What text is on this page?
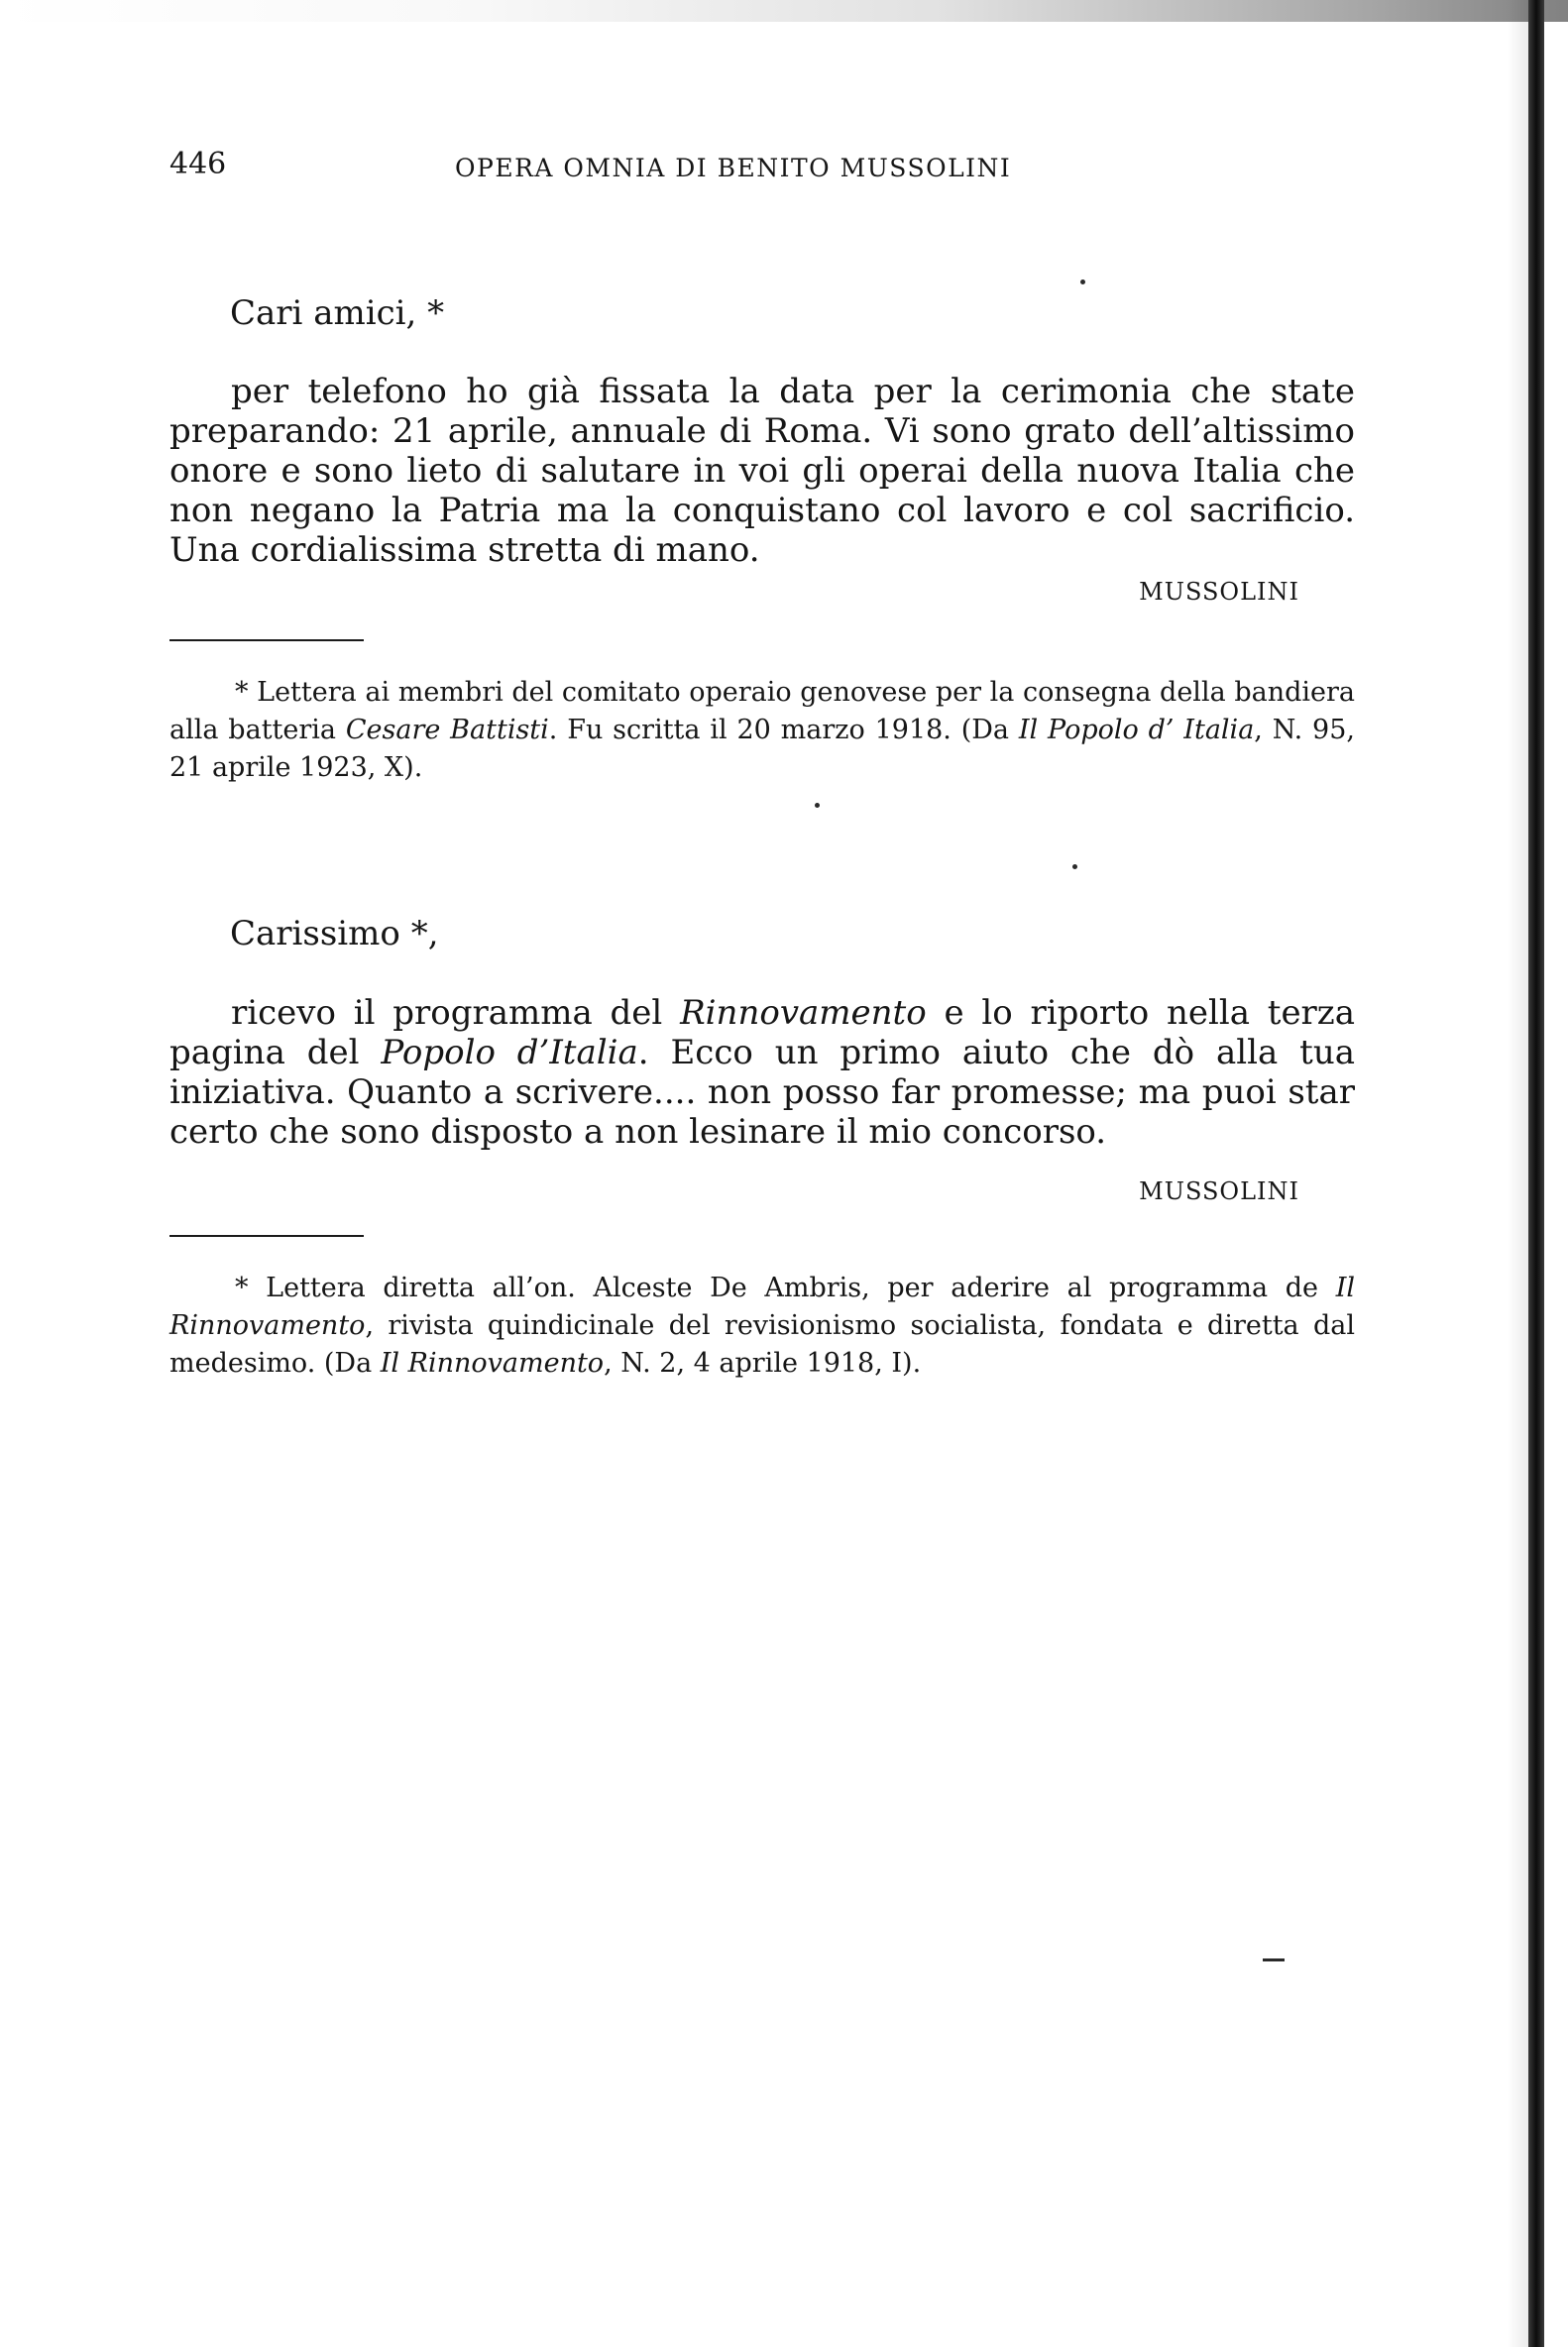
446	OPERA OMNIA DI BENITO MUSSOLINI
Cari amici, *

per telefono ho già fissata la data per la cerimonia che state preparando: 21 aprile, annuale di Roma. Vi sono grato dell’altissimo onore e sono lieto di salutare in voi gli operai della nuova Italia che non negano la Patria ma la conquistano col lavoro e col sacrificio. Una cordialissima stretta di mano.

MUSSOLINI

* Lettera ai membri del comitato operaio genovese per la consegna della bandiera alla batteria Cesare Battisti. Fu scritta il 20 marzo 1918. (Da Il Popolo d’ Italia, N. 95, 21 aprile 1923, X).

Carissimo *,

ricevo il programma del Rinnovamento e lo riporto nella terza pagina del Popolo d’Italia. Ecco un primo aiuto che dò alla tua iniziativa. Quanto a scrivere.... non posso far promesse; ma puoi star certo che sono disposto a non lesinare il mio concorso.

MUSSOLINI

* Lettera diretta all’on. Alceste De Ambris, per aderire al programma de Il Rinnovamento, rivista quindicinale del revisionismo socialista, fondata e diretta dal medesimo. (Da Il Rinnovamento, N. 2, 4 aprile 1918, I).
